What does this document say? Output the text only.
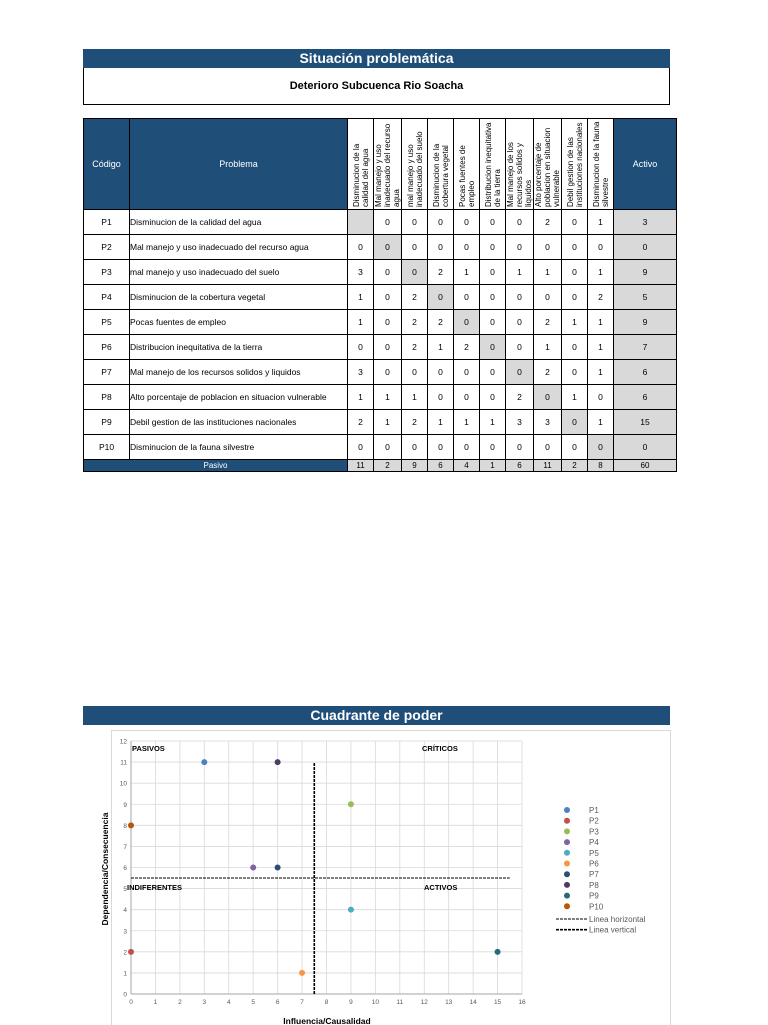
Situación problemática
Deterioro Subcuenca Rio Soacha
Código	Problema	Disminucion de la calidad del agua	Mal manejo y uso inadecuado del recurso agua	mal manejo y uso inadecuado del suelo	Disminucion de la cobertura vegetal	Pocas fuentes de empleo	Distribucion inequitativa de la tierra	Mal manejo de los recursos solidos y liquidos	Alto porcentaje de poblacion en situacion vulnerable	Debil gestion de las instituciones nacionales	Disminucion de la fauna silvestre	Activo
P1	Disminucion de la calidad del agua		0	0	0	0	0	0	2	0	1	3
P2	Mal manejo y uso inadecuado del recurso agua	0	0	0	0	0	0	0	0	0	0	0
P3	mal manejo y uso inadecuado del suelo	3	0	0	2	1	0	1	1	0	1	9
P4	Disminucion de la cobertura vegetal	1	0	2	0	0	0	0	0	0	2	5
P5	Pocas fuentes de empleo	1	0	2	2	0	0	0	2	1	1	9
P6	Distribucion inequitativa de la tierra	0	0	2	1	2	0	0	1	0	1	7
P7	Mal manejo de los recursos solidos y liquidos	3	0	0	0	0	0	0	2	0	1	6
P8	Alto porcentaje de poblacion en situacion vulnerable	1	1	1	0	0	0	2	0	1	0	6
P9	Debil gestion de las instituciones nacionales	2	1	2	1	1	1	3	3	0	1	15
P10	Disminucion de la fauna silvestre	0	0	0	0	0	0	0	0	0	0	0
Pasivo		11	2	9	6	4	1	6	11	2	8	60
Cuadrante de poder
0
1
2
3
4
5
6
7
8
9
10
11
12
0	1	2	3	4	5	6	7	8	9	10	11	12	13	14	15	16
PASIVOS	CRÍTICOS
INDIFERENTES	ACTIVOS
Influencia/Causalidad
Dependencia/Consecuencia
P1
P2
P3
P4
P5
P6
P7
P8
P9
P10
Linea horizontal
Linea vertical
